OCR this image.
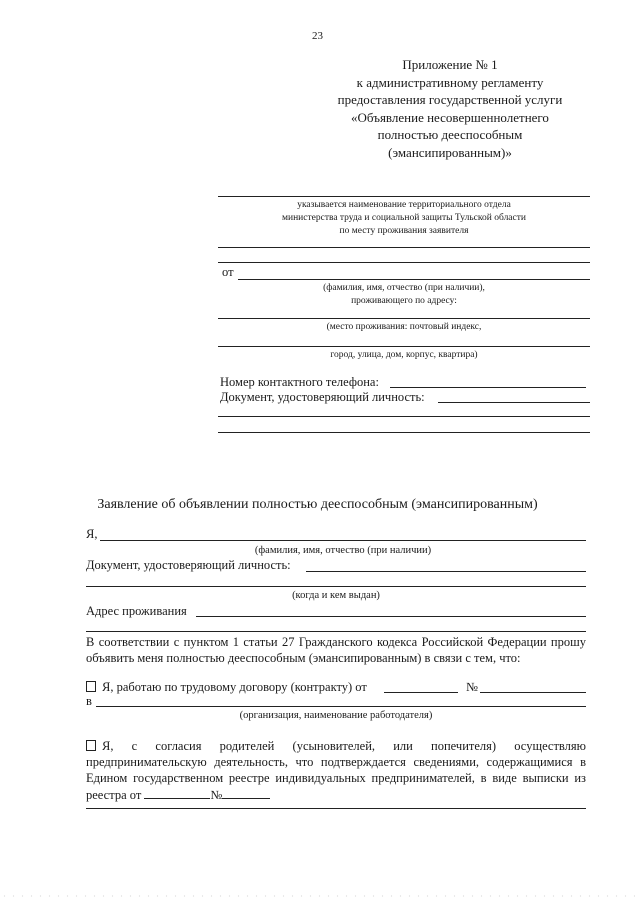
23
Приложение № 1
к административному регламенту
предоставления государственной услуги
«Объявление несовершеннолетнего
полностью дееспособным
(эмансипированным)»
указывается наименование территориального отдела
министерства труда и социальной защиты Тульской области
по месту проживания заявителя
от
(фамилия, имя, отчество (при наличии),
проживающего по адресу:
(место проживания: почтовый индекс,
город, улица, дом, корпус, квартира)
Номер контактного телефона:
Документ, удостоверяющий личность:
Заявление об объявлении полностью дееспособным (эмансипированным)
Я,
(фамилия, имя, отчество (при наличии)
Документ, удостоверяющий личность:
(когда и кем выдан)
Адрес проживания
В соответствии с пунктом 1 статьи 27 Гражданского кодекса Российской Федерации прошу объявить меня полностью дееспособным (эмансипированным) в связи с тем, что:
Я, работаю по трудовому договору (контракту) от	№
в
(организация, наименование работодателя)
Я, с согласия родителей (усыновителей, или попечителя) осуществляю предпринимательскую деятельность, что подтверждается сведениями, содержащимися в Едином государственном реестре индивидуальных предпринимателей, в виде выписки из реестра от	№
